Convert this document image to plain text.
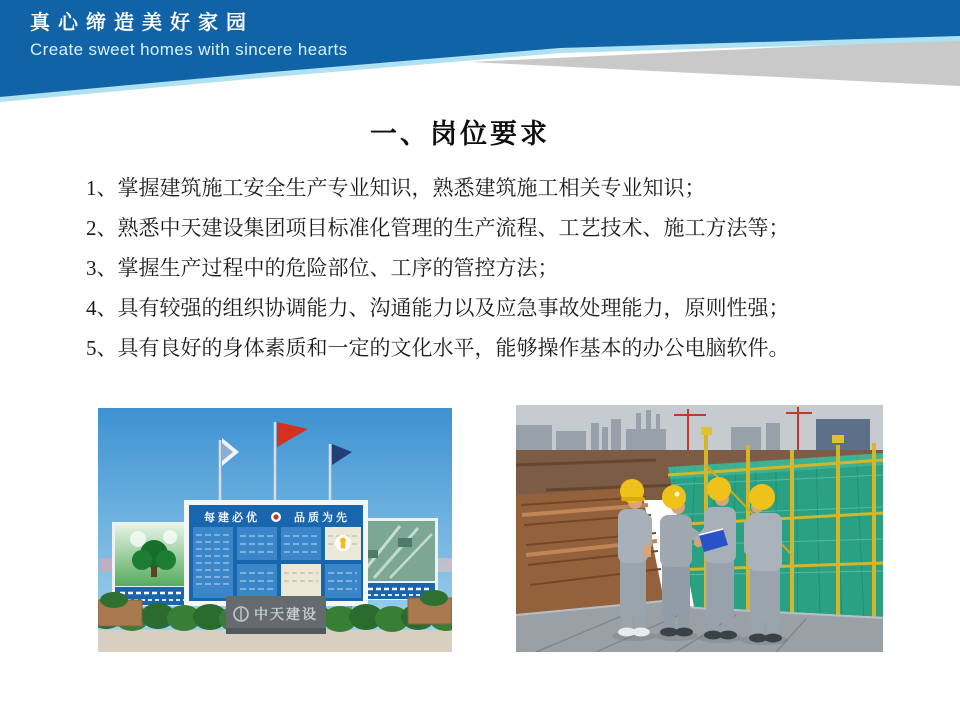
真心缔造美好家园
Create sweet homes with sincere hearts
一、岗位要求
1、掌握建筑施工安全生产专业知识，熟悉建筑施工相关专业知识；
2、熟悉中天建设集团项目标准化管理的生产流程、工艺技术、施工方法等；
3、掌握生产过程中的危险部位、工序的管控方法；
4、具有较强的组织协调能力、沟通能力以及应急事故处理能力，原则性强；
5、具有良好的身体素质和一定的文化水平，能够操作基本的办公电脑软件。
每建必优	品质为先
中天建设
